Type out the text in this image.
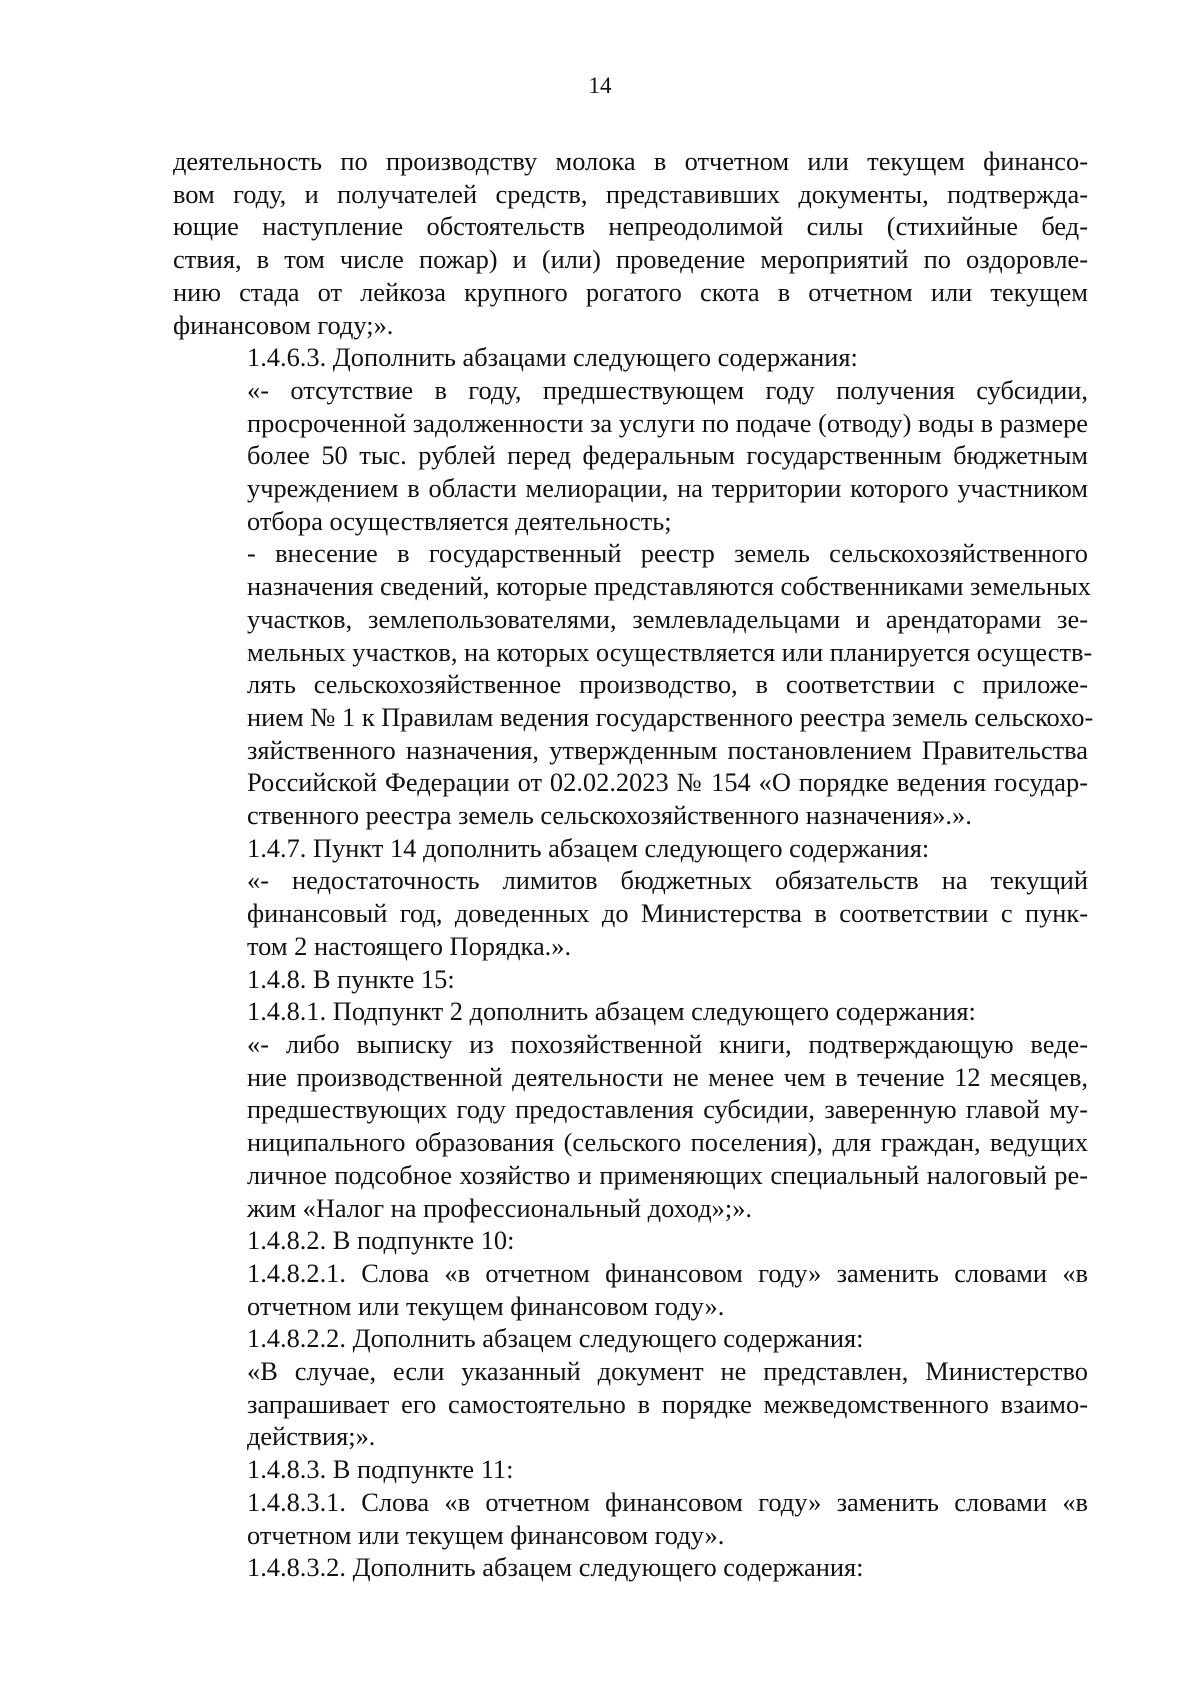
14

деятельность по производству молока в отчетном или текущем финансо-
вом году, и получателей средств, представивших документы, подтвержда-
ющие наступление обстоятельств непреодолимой силы (стихийные бед-
ствия, в том числе пожар) и (или) проведение мероприятий по оздоровле-
нию стада от лейкоза крупного рогатого скота в отчетном или текущем
финансовом году;».

1.4.6.3. Дополнить абзацами следующего содержания:

«- отсутствие в году, предшествующем году получения субсидии,
просроченной задолженности за услуги по подаче (отводу) воды в размере
более 50 тыс. рублей перед федеральным государственным бюджетным
учреждением в области мелиорации, на территории которого участником
отбора осуществляется деятельность;

- внесение в государственный реестр земель сельскохозяйственного
назначения сведений, которые представляются собственниками земельных
участков, землепользователями, землевладельцами и арендаторами зе-
мельных участков, на которых осуществляется или планируется осуществ-
лять сельскохозяйственное производство, в соответствии с приложе-
нием № 1 к Правилам ведения государственного реестра земель сельскохо-
зяйственного назначения, утвержденным постановлением Правительства
Российской Федерации от 02.02.2023 № 154 «О порядке ведения государ-
ственного реестра земель сельскохозяйственного назначения».».

1.4.7. Пункт 14 дополнить абзацем следующего содержания:

«- недостаточность лимитов бюджетных обязательств на текущий
финансовый год, доведенных до Министерства в соответствии с пунк-
том 2 настоящего Порядка.».

1.4.8. В пункте 15:

1.4.8.1. Подпункт 2 дополнить абзацем следующего содержания:

«- либо выписку из похозяйственной книги, подтверждающую веде-
ние производственной деятельности не менее чем в течение 12 месяцев,
предшествующих году предоставления субсидии, заверенную главой му-
ниципального образования (сельского поселения), для граждан, ведущих
личное подсобное хозяйство и применяющих специальный налоговый ре-
жим «Налог на профессиональный доход»;».

1.4.8.2. В подпункте 10:

1.4.8.2.1. Слова «в отчетном финансовом году» заменить словами «в
отчетном или текущем финансовом году».

1.4.8.2.2. Дополнить абзацем следующего содержания:

«В случае, если указанный документ не представлен, Министерство
запрашивает его самостоятельно в порядке межведомственного взаимо-
действия;».

1.4.8.3. В подпункте 11:

1.4.8.3.1. Слова «в отчетном финансовом году» заменить словами «в
отчетном или текущем финансовом году».

1.4.8.3.2. Дополнить абзацем следующего содержания:
